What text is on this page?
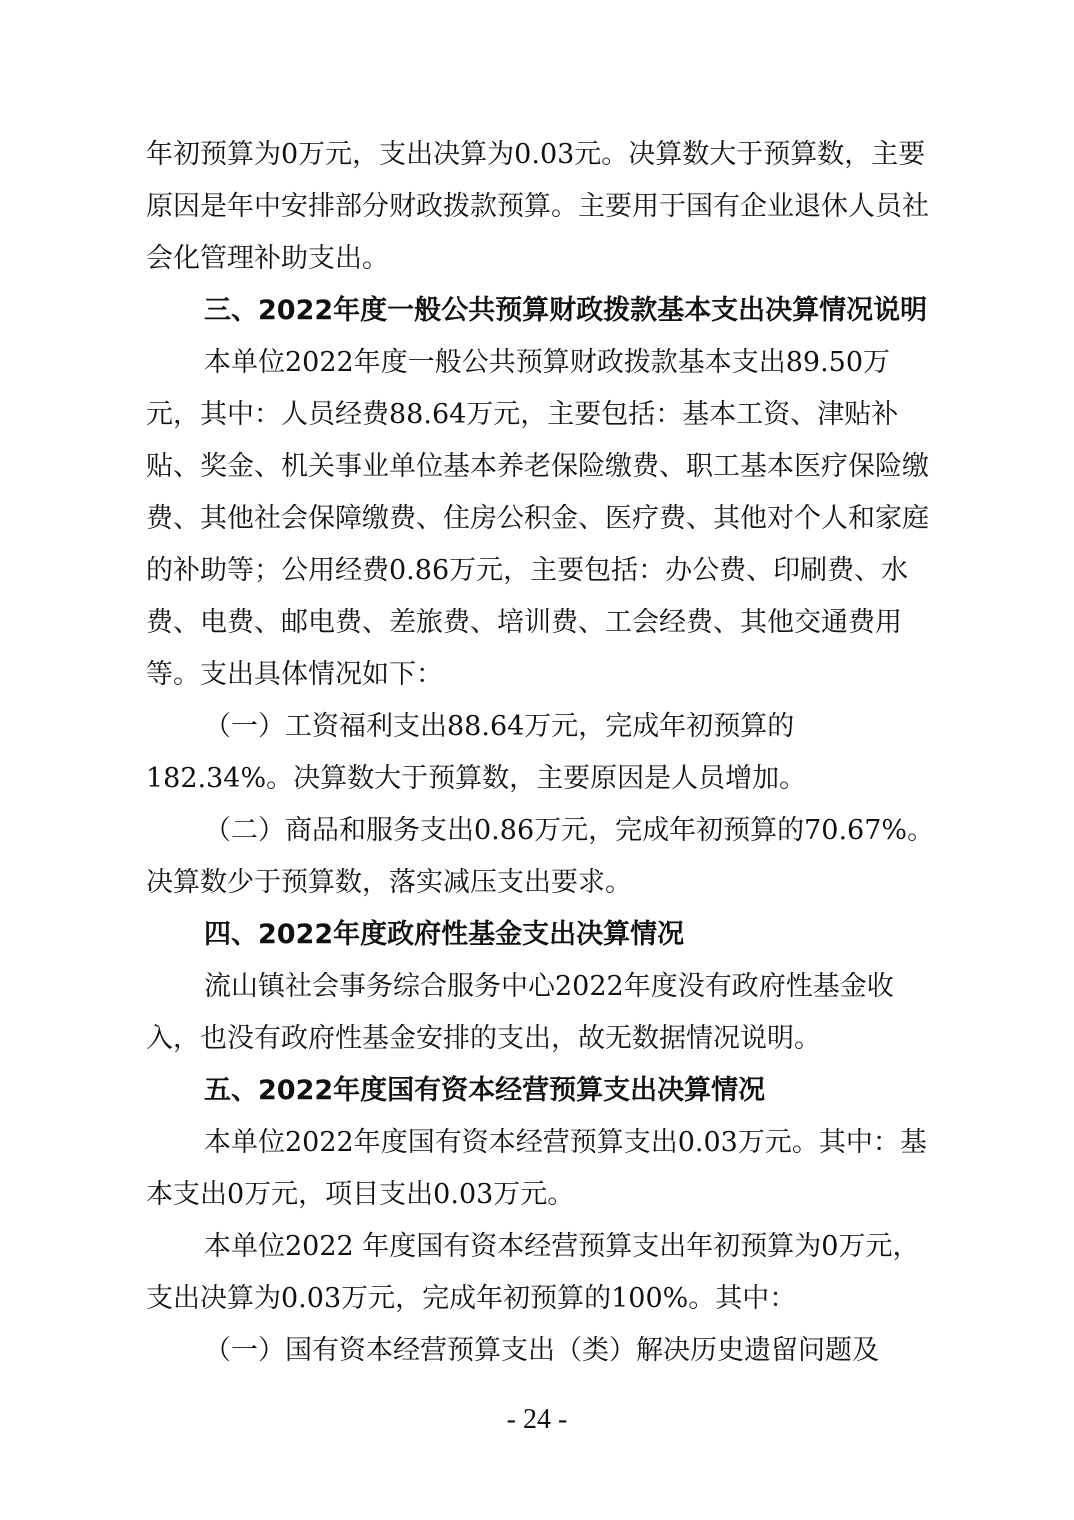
年初预算为0万元，支出决算为0.03元。决算数大于预算数，主要原因是年中安排部分财政拨款预算。主要用于国有企业退休人员社会化管理补助支出。

三、2022年度一般公共预算财政拨款基本支出决算情况说明

本单位2022年度一般公共预算财政拨款基本支出89.50万元，其中：人员经费88.64万元，主要包括：基本工资、津贴补贴、奖金、机关事业单位基本养老保险缴费、职工基本医疗保险缴费、其他社会保障缴费、住房公积金、医疗费、其他对个人和家庭的补助等；公用经费0.86万元，主要包括：办公费、印刷费、水费、电费、邮电费、差旅费、培训费、工会经费、其他交通费用等。支出具体情况如下：

（一）工资福利支出88.64万元，完成年初预算的182.34%。决算数大于预算数，主要原因是人员增加。

（二）商品和服务支出0.86万元，完成年初预算的70.67%。决算数少于预算数，落实减压支出要求。

四、2022年度政府性基金支出决算情况

流山镇社会事务综合服务中心2022年度没有政府性基金收入，也没有政府性基金安排的支出，故无数据情况说明。

五、2022年度国有资本经营预算支出决算情况

本单位2022年度国有资本经营预算支出0.03万元。其中：基本支出0万元，项目支出0.03万元。

本单位2022 年度国有资本经营预算支出年初预算为0万元，支出决算为0.03万元，完成年初预算的100%。其中：

（一）国有资本经营预算支出（类）解决历史遗留问题及

- 24 -
